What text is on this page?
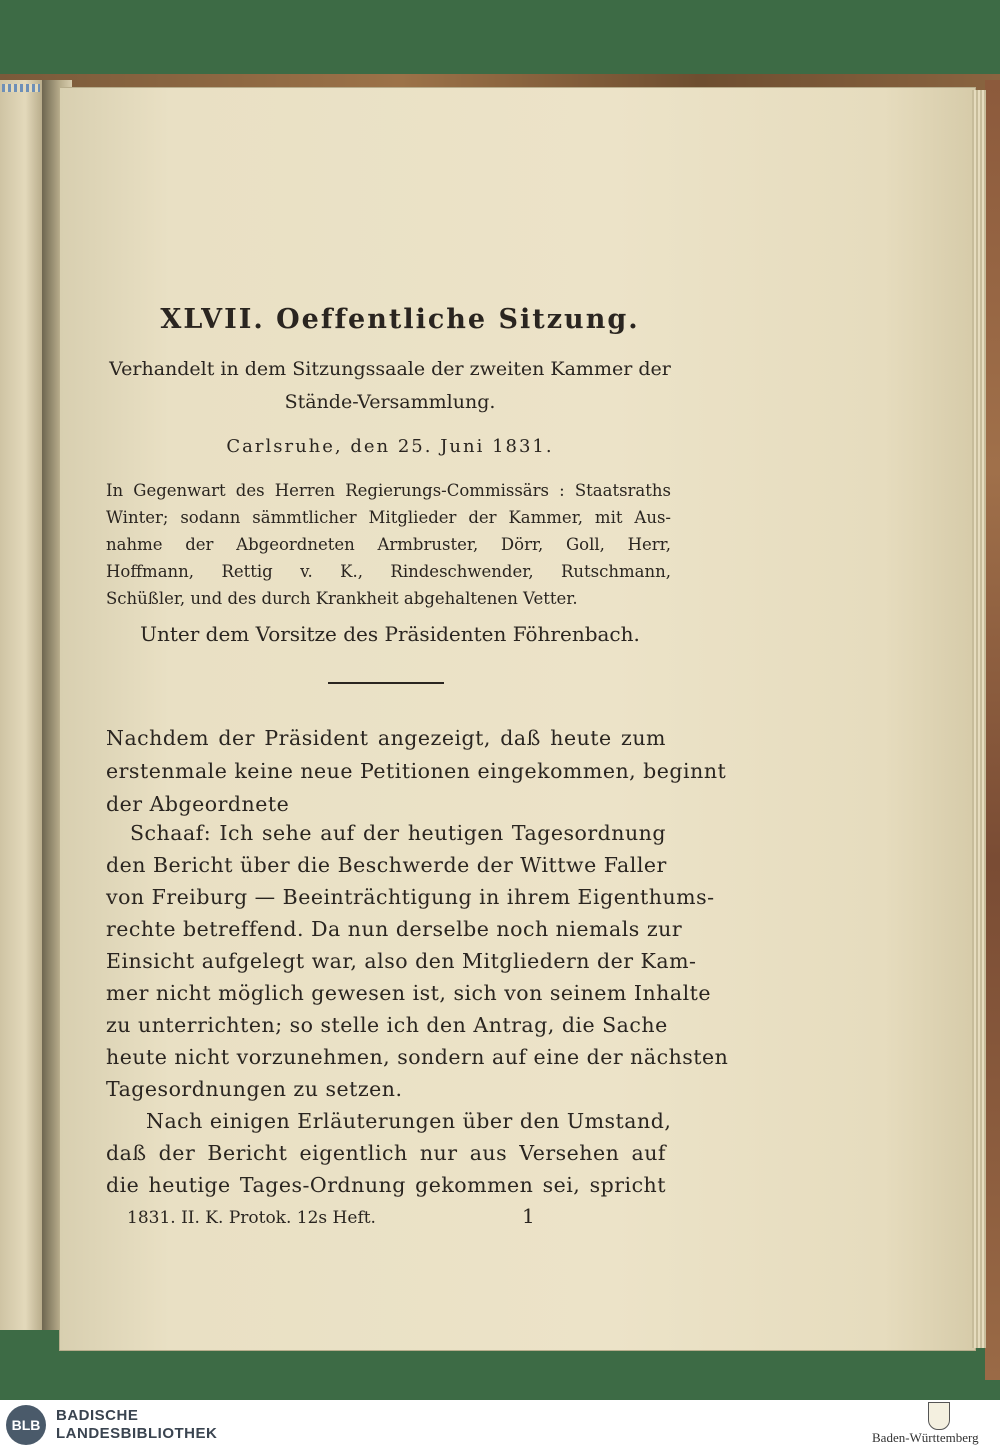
XLVII. Oeffentliche Sitzung.
Verhandelt in dem Sitzungssaale der zweiten Kammer der
Stände-Versammlung.
Carlsruhe, den 25. Juni 1831.
In Gegenwart des Herren Regierungs-Commissärs : Staatsraths
Winter; sodann sämmtlicher Mitglieder der Kammer, mit Aus-
nahme der Abgeordneten Armbruster, Dörr, Goll, Herr,
Hoffmann, Rettig v. K., Rindeschwender, Rutschmann,
Schüßler, und des durch Krankheit abgehaltenen Vetter.
Unter dem Vorsitze des Präsidenten Föhrenbach.
Nachdem der Präsident angezeigt, daß heute zum
erstenmale keine neue Petitionen eingekommen, beginnt
der Abgeordnete
Schaaf: Ich sehe auf der heutigen Tagesordnung
den Bericht über die Beschwerde der Wittwe Faller
von Freiburg — Beeinträchtigung in ihrem Eigenthums-
rechte betreffend. Da nun derselbe noch niemals zur
Einsicht aufgelegt war, also den Mitgliedern der Kam-
mer nicht möglich gewesen ist, sich von seinem Inhalte
zu unterrichten; so stelle ich den Antrag, die Sache
heute nicht vorzunehmen, sondern auf eine der nächsten
Tagesordnungen zu setzen.
Nach einigen Erläuterungen über den Umstand,
daß der Bericht eigentlich nur aus Versehen auf
die heutige Tages-Ordnung gekommen sei, spricht
1831. II. K. Protok. 12s Heft.	1
BLB
BADISCHE
LANDESBIBLIOTHEK	Baden-Württemberg
